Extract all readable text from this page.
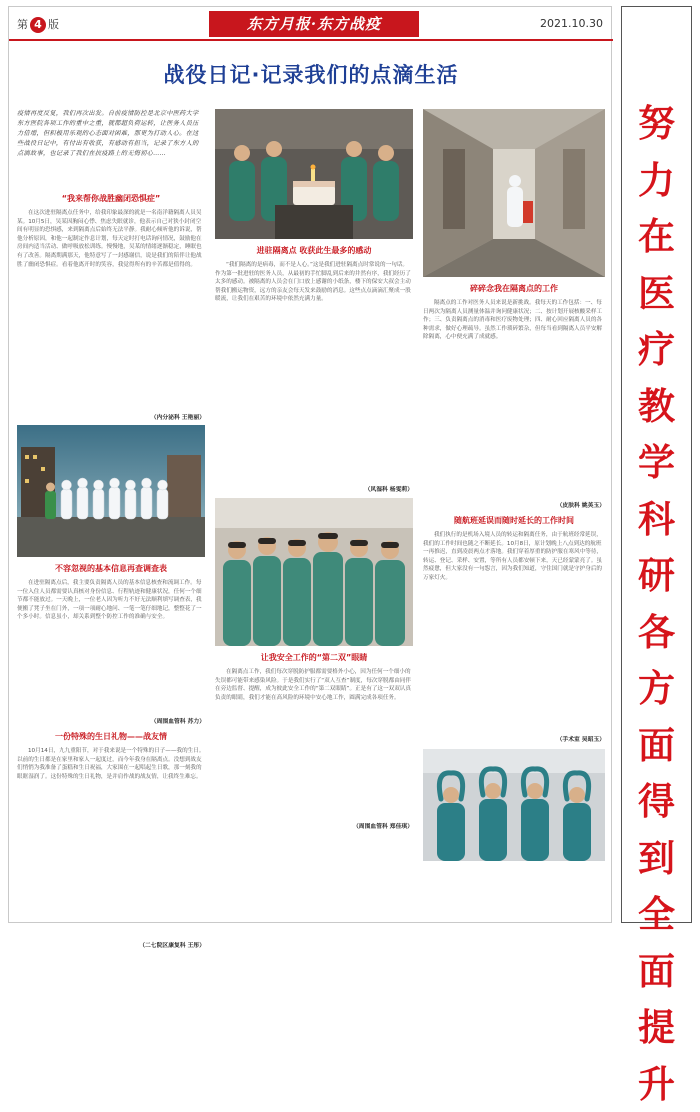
第 4 版	东方月报·东方战疫	2021.10.30
战役日记·记录我们的点滴生活
疫情再度反复，我们再次出发。自前疫情防控是北京中医药大学东方医院各项工作的重中之重，就都超负荷运转，让医务人员压力倍增，但积极用乐观的心态面对困难，那更为打动人心。在这些战役日记中，有付出有收获，有感动有担当，记录了东方人的点滴故事，也记录了我们在抗疫路上的无悔初心……
“我来帮你战胜幽闭恐惧症”
在这次进驻隔离点任务中，给我印象最深的就是一名南洋籍隔离人员吴某。10月5日，吴某因胸闷心悸、焦虑失眠就诊，他表示自己对狭小封闭空间有明显的恐惧感，来到隔离点后始终无法平静。我耐心倾听他的诉说，帮他分析原因，和他一起制定作息计划，每天定时打电话询问情况，鼓励他在房间内适当活动、做呼吸放松训练。慢慢地，吴某的情绪逐渐稳定，睡眠也有了改善。隔离期满那天，他特意写了一封感谢信，说是我们的陪伴让他战胜了幽闭恐惧症。看着他离开时的笑容，我觉得所有的辛苦都是值得的。
（内分泌科 王艳丽）
不容忽视的基本信息再查调查表
在进驻隔离点后，我主要负责隔离人员的基本信息核查和流调工作。每一位入住人员都需要认真核对身份信息、行程轨迹和健康状况，任何一个细节都不能放过。一天晚上，一位老人因为听力不好无法顺利填写调查表，我便搬了凳子坐在门外，一项一项耐心地问、一笔一笔仔细地记，整整花了一个多小时。信息虽小，却关系到整个防控工作的准确与安全。
（周围血管科 苏力）
一份特殊的生日礼物——战友情
10月14日，九九重阳节，对于我来说是一个特殊的日子——我的生日。以前的生日都是在家里和家人一起度过，而今年我身在隔离点。没想到战友们悄悄为我准备了蛋糕和生日祝福，大家围在一起唱起生日歌，那一刻我的眼眶湿润了。这份特殊的生日礼物，是并肩作战的战友情，让我终生难忘。
（二七院区康复科 王彤）
进驻隔离点 收获此生最多的感动
“我们隔离的是病毒，而不是人心。”这是我们进驻隔离点时常说的一句话。作为第一批进驻的医务人员，从最初的手忙脚乱到后来的井然有序，我们经历了太多的感动。被隔离的人员会在门口放上感谢的小纸条，楼下的保安大叔会主动帮我们搬运物资，远方的亲友会每天发来鼓励的消息。这些点点滴滴汇聚成一股暖流，让我们在艰苦的环境中依然充满力量。
（风湿科 杨雯莉）
让我安全工作的“第二双”眼睛
在隔离点工作，我们每次穿脱防护服都需要格外小心，因为任何一个细小的失误都可能带来感染风险。于是我们实行了“双人互查”制度，每次穿脱都由同伴在旁边监督、提醒，成为彼此安全工作的“第二双眼睛”。正是有了这一双双认真负责的眼睛，我们才能在高风险的环境中安心地工作，圆满完成各项任务。
（周围血管科 郑佳琪）
碎碎念我在隔离点的工作
隔离点的工作对医务人员来说是新挑战。我每天的工作包括：一、每日两次为隔离人员测量体温并询问健康状况；二、按计划开展核酸采样工作；三、负责隔离点的消毒和医疗废物处理；四、耐心回应隔离人员的各种需求，做好心理疏导。虽然工作琐碎繁杂，但每当看到隔离人员平安解除隔离，心中便充满了成就感。
（皮肤科 姚英玉）
随航班延误而随时延长的工作时间
我们执行的是机场入境人员的转运和隔离任务，由于航班经常延误，我们的工作时间也随之不断延长。10月8日，原计划晚上八点到达的航班一再推迟，直到凌晨两点才落地。我们穿着厚重的防护服在寒风中等待，转运、登记、采样、安置，等所有人员都安顿下来，天已经蒙蒙亮了。虽然疲惫，但大家没有一句怨言，因为我们知道，守住国门就是守护身后的万家灯火。
（手术室 吴昭玉）
努力在医疗教学科研各方面得到全面提升
